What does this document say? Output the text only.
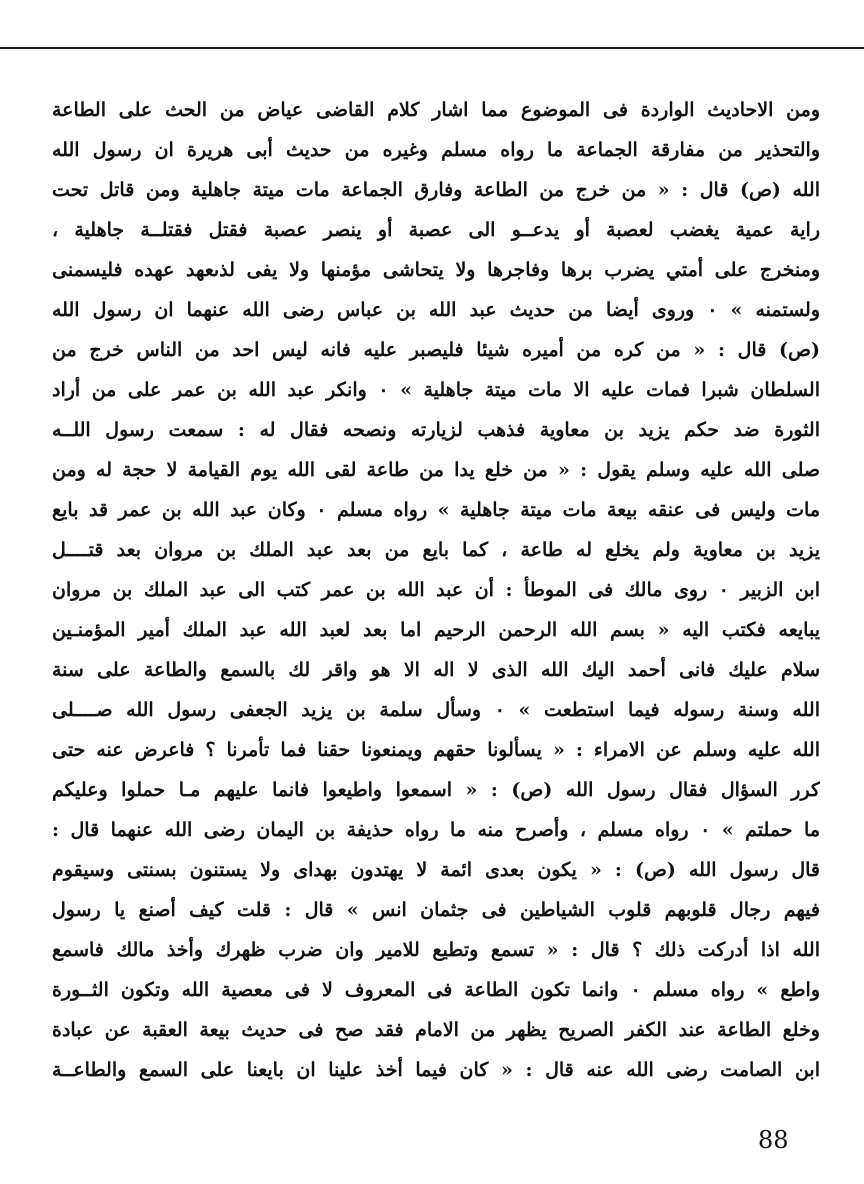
ومن الاحاديث الواردة فى الموضوع مما اشار كلام القاضى عياض من الحث على الطاعة
والتحذير من مفارقة الجماعة ما رواه مسلم وغيره من حديث أبى هريرة ان رسول الله
الله (ص) قال : « من خرج من الطاعة وفارق الجماعة مات ميتة جاهلية ومن قاتل تحت
راية عمية يغضب لعصبة أو يدعــو الى عصبة أو ينصر عصبة فقتل فقتلــة جاهلية ،
ومنخرج على أمتي يضرب برها وفاجرها ولا يتحاشى مؤمنها ولا يفى لذىعهد عهده فليسمنى
ولستمنه » ٠ وروى أيضا من حديث عبد الله بن عباس رضى الله عنهما ان رسول الله
(ص) قال : « من كره من أميره شيئا فليصبر عليه فانه ليس احد من الناس خرج من
السلطان شبرا فمات عليه الا مات ميتة جاهلية » ٠ وانكر عبد الله بن عمر على من أراد
الثورة ضد حكم يزيد بن معاوية فذهب لزيارته ونصحه فقال له : سمعت رسول اللــه
صلى الله عليه وسلم يقول : « من خلع يدا من طاعة لقى الله يوم القيامة لا حجة له ومن
مات وليس فى عنقه بيعة مات ميتة جاهلية » رواه مسلم ٠ وكان عبد الله بن عمر قد بايع
يزيد بن معاوية ولم يخلع له طاعة ، كما بايع من بعد عبد الملك بن مروان بعد قتــــل
ابن الزبير ٠ روى مالك فى الموطأ : أن عبد الله بن عمر كتب الى عبد الملك بن مروان
يبايعه فكتب اليه « بسم الله الرحمن الرحيم اما بعد لعبد الله عبد الملك أمير المؤمنـين
سلام عليك فانى أحمد اليك الله الذى لا اله الا هو واقر لك بالسمع والطاعة على سنة
الله وسنة رسوله فيما استطعت » ٠ وسأل سلمة بن يزيد الجعفى رسول الله صــــلى
الله عليه وسلم عن الامراء : « يسألونا حقهم ويمنعونا حقنا فما تأمرنا ؟ فاعرض عنه حتى
كرر السؤال فقال رسول الله (ص) : « اسمعوا واطيعوا فانما عليهم مـا حملوا وعليكم
ما حملتم » ٠ رواه مسلم ، وأصرح منه ما رواه حذيفة بن اليمان رضى الله عنهما قال :
قال رسول الله (ص) : « يكون بعدى ائمة لا يهتدون بهداى ولا يستنون بسنتى وسيقوم
فيهم رجال قلوبهم قلوب الشياطين فى جثمان انس » قال : قلت كيف أصنع يا رسول
الله اذا أدركت ذلك ؟ قال : « تسمع وتطيع للامير وان ضرب ظهرك وأخذ مالك فاسمع
واطع » رواه مسلم ٠ وانما تكون الطاعة فى المعروف لا فى معصية الله وتكون الثــورة
وخلع الطاعة عند الكفر الصريح يظهر من الامام فقد صح فى حديث بيعة العقبة عن عبادة
ابن الصامت رضى الله عنه قال : « كان فيما أخذ علينا ان بايعنا على السمع والطاعــة
88
